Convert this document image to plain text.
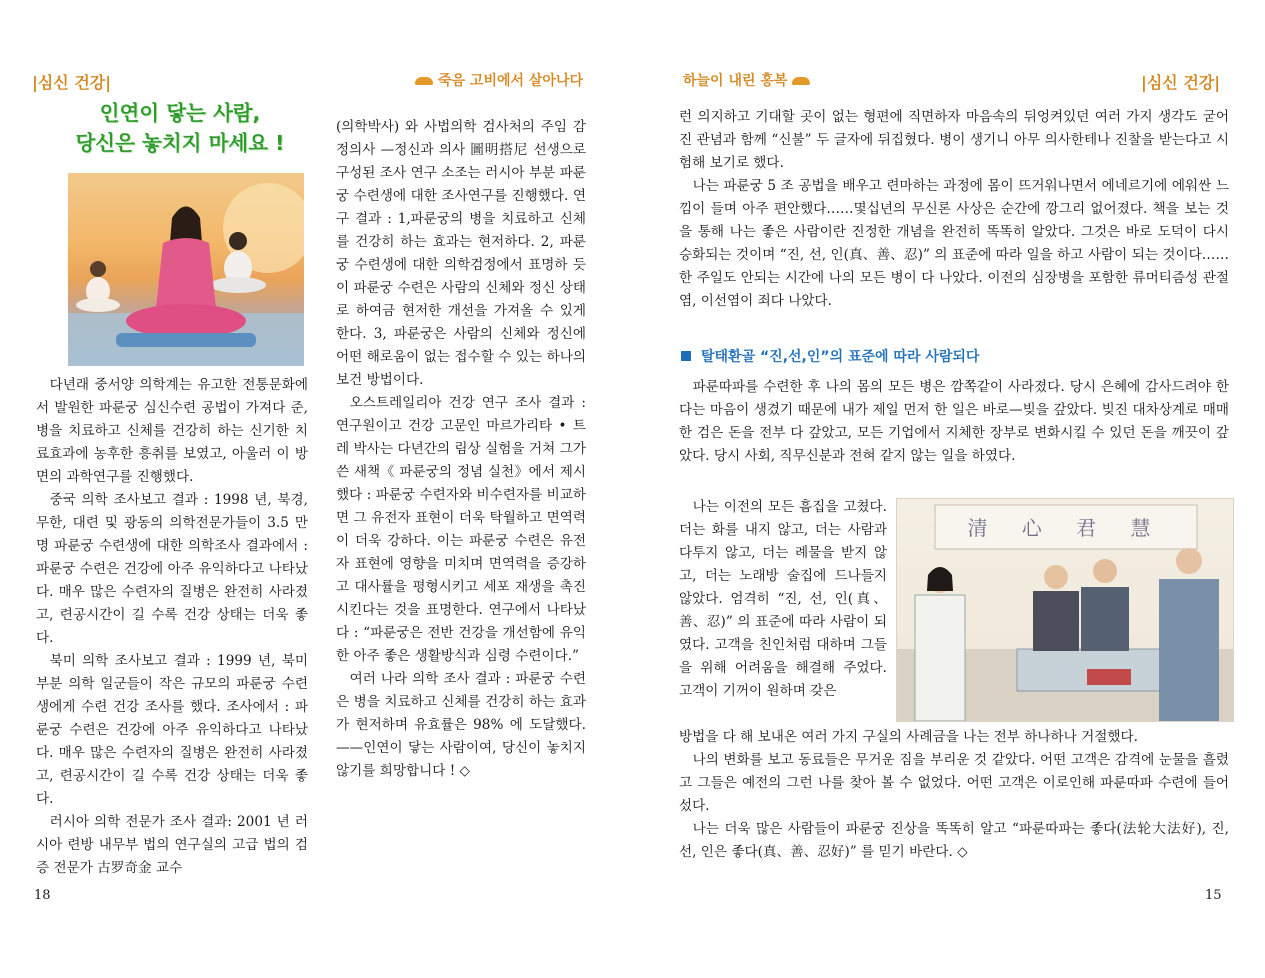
|심신 건강|	죽음 고비에서 살아나다
인연이 닿는 사람,
당신은 놓치지 마세요 !

다년래 중서양 의학계는 유고한 전통문화에서 발원한 파룬궁 심신수련 공법이 가져다 준, 병을 치료하고 신체를 건강히 하는 신기한 치료효과에 농후한 흥취를 보였고, 아울러 이 방면의 과학연구를 진행했다.

중국 의학 조사보고 결과 : 1998 년, 북경, 무한, 대련 및 광동의 의학전문가들이 3.5 만명 파룬궁 수련생에 대한 의학조사 결과에서 : 파룬궁 수련은 건강에 아주 유익하다고 나타났다. 매우 많은 수련자의 질병은 완전히 사라졌고, 련공시간이 길 수록 건강 상태는 더욱 좋다.

북미 의학 조사보고 결과 : 1999 년, 북미 부분 의학 일군들이 작은 규모의 파룬궁 수련생에게 수련 건강 조사를 했다. 조사에서 : 파룬궁 수련은 건강에 아주 유익하다고 나타났다. 매우 많은 수련자의 질병은 완전히 사라졌고, 련공시간이 길 수록 건강 상태는 더욱 좋다.

러시아 의학 전문가 조사 결과: 2001 년 러시아 련방 내무부 법의 연구실의 고급 법의 검증 전문가 古罗奇金 교수

(의학박사) 와 사법의학 검사처의 주임 감정의사 —정신과 의사 圖明搭尼 선생으로 구성된 조사 연구 소조는 러시아 부분 파룬궁 수련생에 대한 조사연구를 진행했다. 연구 결과 : 1,파룬궁의 병을 치료하고 신체를 건강히 하는 효과는 현저하다. 2, 파룬궁 수련생에 대한 의학검정에서 표명하 듯이 파룬궁 수련은 사람의 신체와 정신 상태로 하여금 현저한 개선을 가져올 수 있게 한다. 3, 파룬궁은 사람의 신체와 정신에 어떤 해로움이 없는 접수할 수 있는 하나의 보건 방법이다.

오스트레일리아 건강 연구 조사 결과 : 연구원이고 건강 고문인 마르가리타 • 트레 박사는 다년간의 림상 실험을 거쳐 그가 쓴 새책《 파룬궁의 정념 실천》에서 제시했다 : 파룬궁 수련자와 비수련자를 비교하면 그 유전자 표현이 더욱 탁월하고 면역력이 더욱 강하다. 이는 파룬궁 수련은 유전자 표현에 영향을 미치며 면역력을 증강하고 대사률을 평형시키고 세포 재생을 촉진시킨다는 것을 표명한다. 연구에서 나타났다 : “파룬궁은 전반 건강을 개선함에 유익한 아주 좋은 생활방식과 심령 수련이다.”

여러 나라 의학 조사 결과 : 파룬궁 수련은 병을 치료하고 신체를 건강히 하는 효과가 현저하며 유효률은 98% 에 도달했다.——인연이 닿는 사람이여, 당신이 놓치지 않기를 희망합니다 ! ◇

18
하늘이 내린 홍복	|심신 건강|

런 의지하고 기대할 곳이 없는 형편에 직면하자 마음속의 뒤엉켜있던 여러 가지 생각도 굳어진 관념과 함께 “신불” 두 글자에 뒤집혔다. 병이 생기니 아무 의사한테나 진찰을 받는다고 시험해 보기로 했다.

나는 파룬궁 5 조 공법을 배우고 련마하는 과정에 몸이 뜨거워나면서 에네르기에 에워싼 느낌이 들며 아주 편안했다……몇십년의 무신론 사상은 순간에 깡그리 없어졌다. 책을 보는 것을 통해 나는 좋은 사람이란 진정한 개념을 완전히 똑똑히 알았다. 그것은 바로 도덕이 다시 승화되는 것이며 “진, 선, 인(真、善、忍)” 의 표준에 따라 일을 하고 사람이 되는 것이다……한 주일도 안되는 시간에 나의 모든 병이 다 나았다. 이전의 심장병을 포함한 류머티즘성 관절염, 이선염이 죄다 나았다.

탈태환골 “진,선,인”의 표준에 따라 사람되다

파룬따파를 수련한 후 나의 몸의 모든 병은 깜쪽같이 사라졌다. 당시 은혜에 감사드려야 한다는 마음이 생겼기 때문에 내가 제일 먼저 한 일은 바로—빚을 갚았다. 빚진 대차상계로 매매한 검은 돈을 전부 다 갚았고, 모든 기업에서 지체한 장부로 변화시킬 수 있던 돈을 깨끗이 갚았다. 당시 사회, 직무신분과 전혀 같지 않는 일을 하였다.

나는 이전의 모든 흠집을 고쳤다. 더는 화를 내지 않고, 더는 사람과 다투지 않고, 더는 례물을 받지 않고, 더는 노래방 술집에 드나들지 않았다. 엄격히 “진, 선, 인(真、善、忍)” 의 표준에 따라 사람이 되였다. 고객을 친인처럼 대하며 그들을 위해 어려움을 해결해 주었다. 고객이 기꺼이 원하며 갖은

清 心 君 慧

방법을 다 해 보내온 여러 가지 구실의 사례금을 나는 전부 하나하나 거절했다.

나의 변화를 보고 동료들은 무거운 짐을 부리운 것 같았다. 어떤 고객은 감격에 눈물을 흘렸고 그들은 예전의 그런 나를 찾아 볼 수 없었다. 어떤 고객은 이로인해 파룬따파 수련에 들어섰다.

나는 더욱 많은 사람들이 파룬궁 진상을 똑똑히 알고 “파룬따파는 좋다(法轮大法好), 진, 선, 인은 좋다(真、善、忍好)” 를 믿기 바란다. ◇

15
